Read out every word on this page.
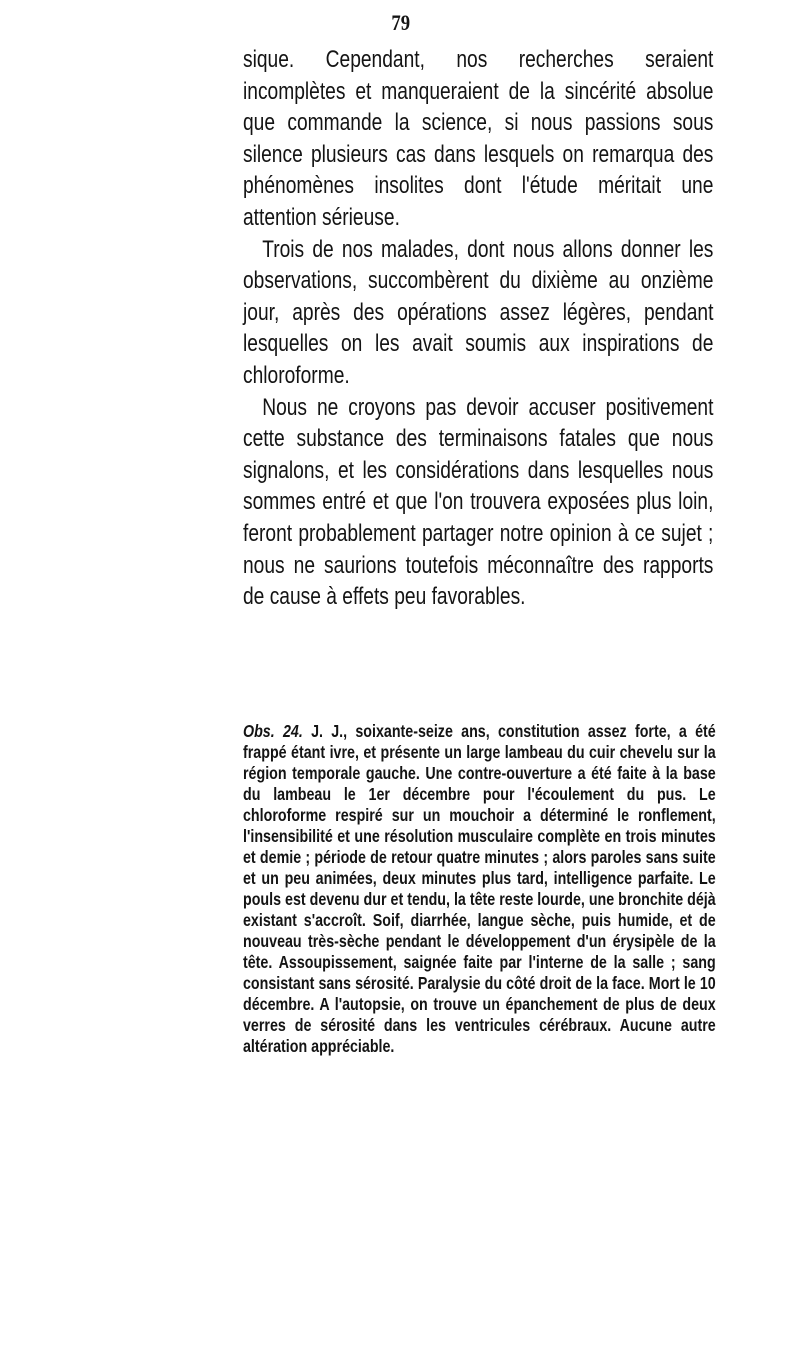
79

sique. Cependant, nos recherches seraient incomplètes et manqueraient de la sincérité absolue que commande la science, si nous passions sous silence plusieurs cas dans lesquels on remarqua des phénomènes insolites dont l'étude méritait une attention sérieuse.

Trois de nos malades, dont nous allons donner les observations, succombèrent du dixième au onzième jour, après des opérations assez légères, pendant lesquelles on les avait soumis aux inspirations de chloroforme.

Nous ne croyons pas devoir accuser positivement cette substance des terminaisons fatales que nous signalons, et les considérations dans lesquelles nous sommes entré et que l'on trouvera exposées plus loin, feront probablement partager notre opinion à ce sujet ; nous ne saurions toutefois méconnaître des rapports de cause à effets peu favorables.

Obs. 24. J. J., soixante-seize ans, constitution assez forte, a été frappé étant ivre, et présente un large lambeau du cuir chevelu sur la région temporale gauche. Une contre-ouverture a été faite à la base du lambeau le 1er décembre pour l'écoulement du pus. Le chloroforme respiré sur un mouchoir a déterminé le ronflement, l'insensibilité et une résolution musculaire complète en trois minutes et demie ; période de retour quatre minutes ; alors paroles sans suite et un peu animées, deux minutes plus tard, intelligence parfaite. Le pouls est devenu dur et tendu, la tête reste lourde, une bronchite déjà existant s'accroît. Soif, diarrhée, langue sèche, puis humide, et de nouveau très-sèche pendant le développement d'un érysipèle de la tête. Assoupissement, saignée faite par l'interne de la salle ; sang consistant sans sérosité. Paralysie du côté droit de la face. Mort le 10 décembre. A l'autopsie, on trouve un épanchement de plus de deux verres de sérosité dans les ventricules cérébraux. Aucune autre altération appréciable.
